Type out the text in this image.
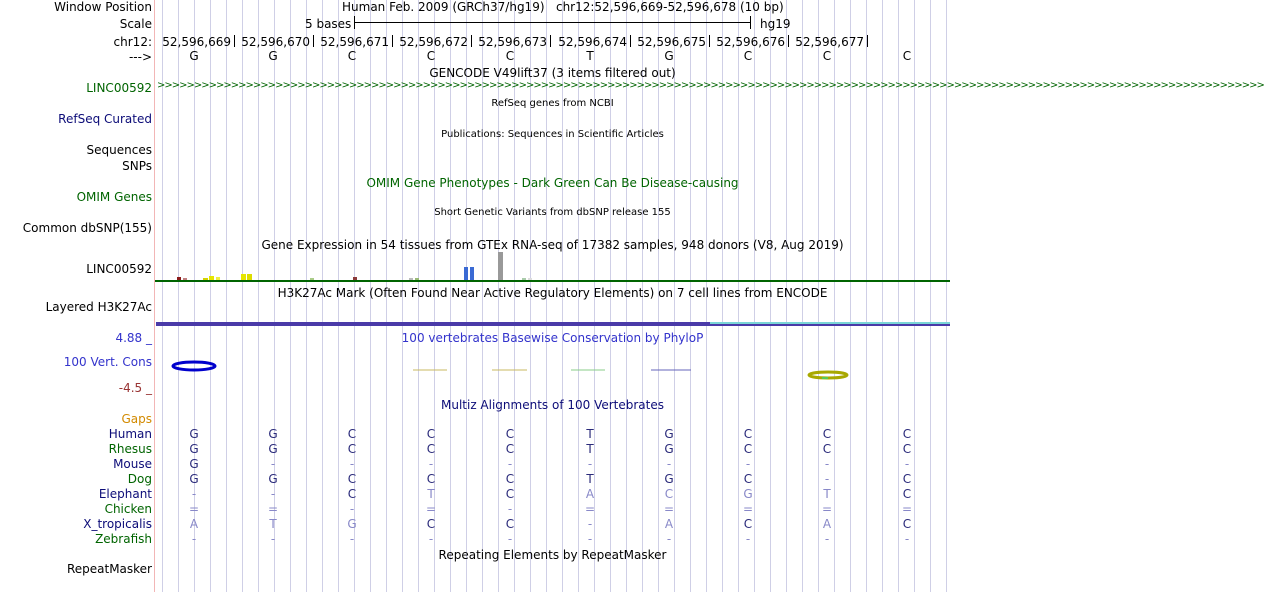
Window Position	Human Feb. 2009 (GRCh37/hg19) chr12:52,596,669-52,596,678 (10 bp)
Scale	5 bases	hg19
chr12: 52,596,669 52,596,670 52,596,671 52,596,672 52,596,673 52,596,674 52,596,675 52,596,676 52,596,677
--->	G	G	C	C	C	T	G	C	C	C
GENCODE V49lift37 (3 items filtered out)
LINC00592 >>>>>>>>>>>>>>>>>>>>>>>>>>>>>>>>>>>>>>>>>>>>>>>>>>>>>>>>>>>>>>>>>>>>>>>>>>>>>>>>>>>>>>>>>>>>>>>>>>>>>>>>>>>>>>>>>>>>>>>>>>>>>>>>>>>>>>>>>>>>>>>>>>>>>>
RefSeq genes from NCBI
RefSeq Curated
Publications: Sequences in Scientific Articles
Sequences
SNPs
OMIM Gene Phenotypes - Dark Green Can Be Disease-causing
OMIM Genes
Short Genetic Variants from dbSNP release 155
Common dbSNP(155)
Gene Expression in 54 tissues from GTEx RNA-seq of 17382 samples, 948 donors (V8, Aug 2019)
LINC00592
H3K27Ac Mark (Often Found Near Active Regulatory Elements) on 7 cell lines from ENCODE
Layered H3K27Ac
4.88 _	100 vertebrates Basewise Conservation by PhyloP
100 Vert. Cons
-4.5 _
Gaps
Multiz Alignments of 100 Vertebrates
Human	G	G	C	C	C	T	G	C	C	C
Rhesus	G	G	C	C	C	T	G	C	C	C
Mouse	G	-	-	-	-	-	-	-	-	-
Dog	G	G	C	C	C	T	G	C	-	C
Elephant	-	-	C	T	C	A	C	G	T	C
Chicken	=	=	-	=	-	=	=	=	=	=
X_tropicalis	A	T	G	C	C	-	A	C	A	C
Zebrafish	-	-	-	-	-	-	-	-	-	-
Repeating Elements by RepeatMasker
RepeatMasker
